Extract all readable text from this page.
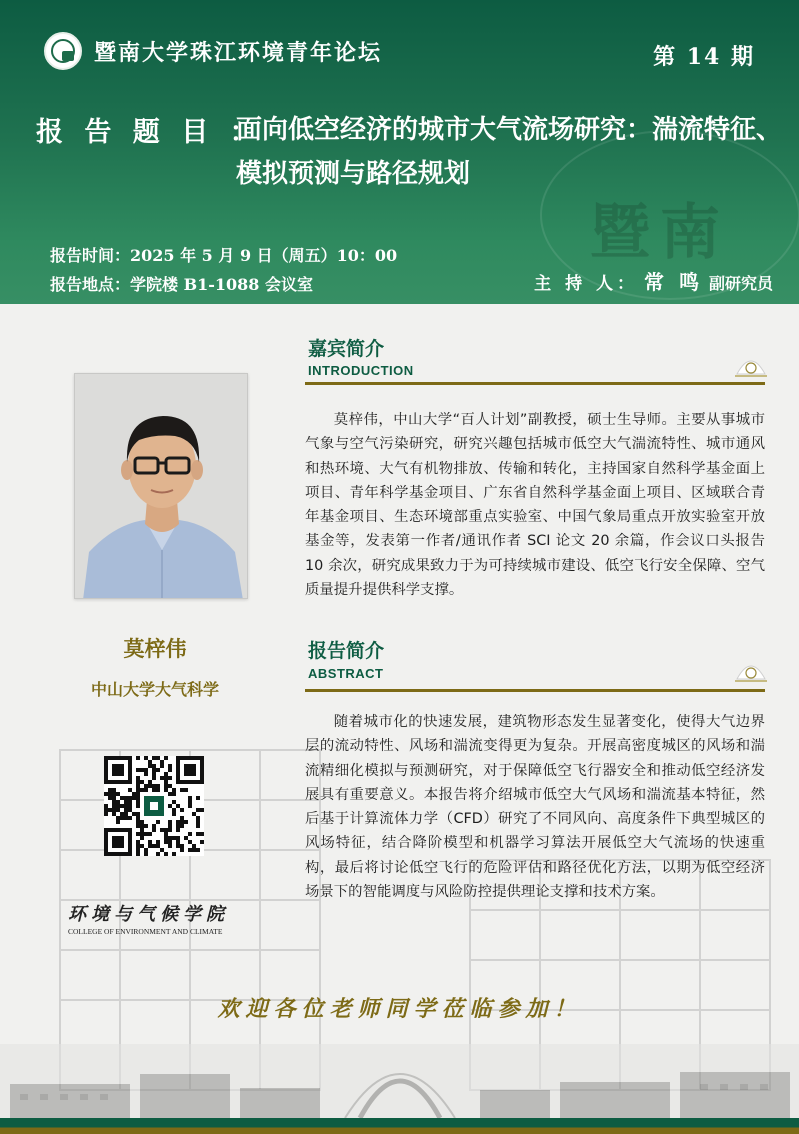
暨南
暨南大学珠江环境青年论坛	第 14 期
报 告 题 目 ：
面向低空经济的城市大气流场研究：湍流特征、模拟预测与路径规划
报告时间：2025 年 5 月 9 日（周五）10：00
报告地点：学院楼 B1-1088 会议室	主 持 人： 常 鸣 副研究员
莫梓伟
中山大学大气科学
环境与气候学院
COLLEGE OF ENVIRONMENT AND CLIMATE
嘉宾简介
INTRODUCTION
莫梓伟，中山大学“百人计划”副教授，硕士生导师。主要从事城市气象与空气污染研究，研究兴趣包括城市低空大气湍流特性、城市通风和热环境、大气有机物排放、传输和转化，主持国家自然科学基金面上项目、青年科学基金项目、广东省自然科学基金面上项目、区域联合青年基金项目、生态环境部重点实验室、中国气象局重点开放实验室开放基金等，发表第一作者/通讯作者 SCI 论文 20 余篇，作会议口头报告 10 余次，研究成果致力于为可持续城市建设、低空飞行安全保障、空气质量提升提供科学支撑。
报告简介
ABSTRACT
随着城市化的快速发展，建筑物形态发生显著变化，使得大气边界层的流动特性、风场和湍流变得更为复杂。开展高密度城区的风场和湍流精细化模拟与预测研究，对于保障低空飞行器安全和推动低空经济发展具有重要意义。本报告将介绍城市低空大气风场和湍流基本特征，然后基于计算流体力学（CFD）研究了不同风向、高度条件下典型城区的风场特征，结合降阶模型和机器学习算法开展低空大气流场的快速重构，最后将讨论低空飞行的危险评估和路径优化方法，以期为低空经济场景下的智能调度与风险防控提供理论支撑和技术方案。
欢迎各位老师同学莅临参加！
